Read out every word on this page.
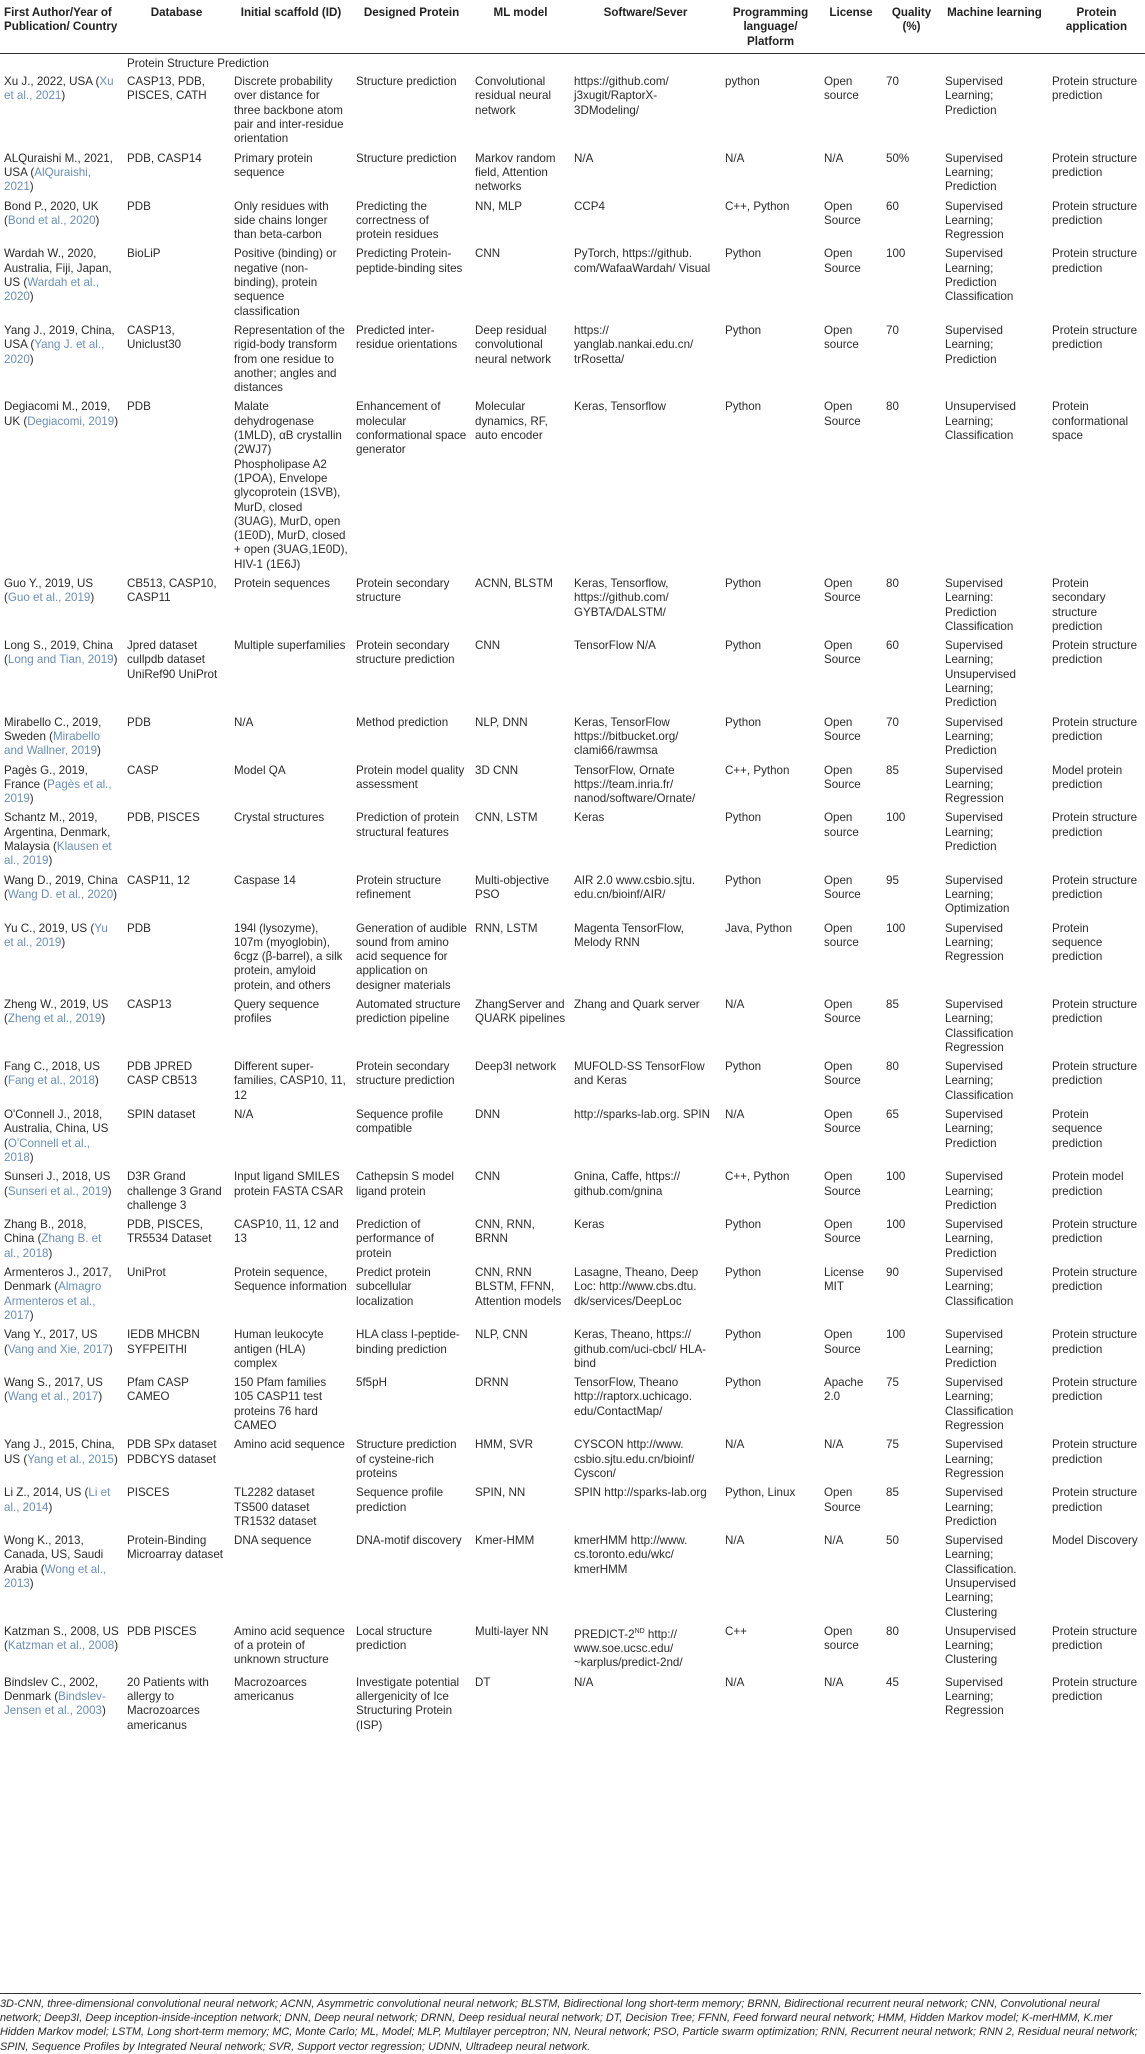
First Author/Year of Publication/ Country	Database	Initial scaffold (ID)	Designed Protein	ML model	Software/Sever	Programming language/ Platform	License	Quality (%)	Machine learning	Protein application
	Protein Structure Prediction									
Xu J., 2022, USA (Xu et al., 2021)	CASP13, PDB, PISCES, CATH	Discrete probability over distance for three backbone atom pair and inter-residue orientation	Structure prediction	Convolutional residual neural network	https://github.com/ j3xugit/RaptorX-3DModeling/	python	Open source	70	Supervised Learning; Prediction	Protein structure prediction
ALQuraishi M., 2021, USA (AlQuraishi, 2021)	PDB, CASP14	Primary protein sequence	Structure prediction	Markov random field, Attention networks	N/A	N/A	N/A	50%	Supervised Learning; Prediction	Protein structure prediction
Bond P., 2020, UK (Bond et al., 2020)	PDB	Only residues with side chains longer than beta-carbon	Predicting the correctness of protein residues	NN, MLP	CCP4	C++, Python	Open Source	60	Supervised Learning; Regression	Protein structure prediction
Wardah W., 2020, Australia, Fiji, Japan, US (Wardah et al., 2020)	BioLiP	Positive (binding) or negative (non-binding), protein sequence classification	Predicting Protein-peptide-binding sites	CNN	PyTorch, https://github. com/WafaaWardah/ Visual	Python	Open Source	100	Supervised Learning; Prediction Classification	Protein structure prediction
Yang J., 2019, China, USA (Yang J. et al., 2020)	CASP13, Uniclust30	Representation of the rigid-body transform from one residue to another; angles and distances	Predicted inter-residue orientations	Deep residual convolutional neural network	https:// yanglab.nankai.edu.cn/ trRosetta/	Python	Open source	70	Supervised Learning; Prediction	Protein structure prediction
Degiacomi M., 2019, UK (Degiacomi, 2019)	PDB	Malate dehydrogenase (1MLD), αB crystallin (2WJ7) Phospholipase A2 (1POA), Envelope glycoprotein (1SVB), MurD, closed (3UAG), MurD, open (1E0D), MurD, closed + open (3UAG,1E0D), HIV-1 (1E6J)	Enhancement of molecular conformational space generator	Molecular dynamics, RF, auto encoder	Keras, Tensorflow	Python	Open Source	80	Unsupervised Learning; Classification	Protein conformational space
Guo Y., 2019, US (Guo et al., 2019)	CB513, CASP10, CASP11	Protein sequences	Protein secondary structure	ACNN, BLSTM	Keras, Tensorflow, https://github.com/ GYBTA/DALSTM/	Python	Open Source	80	Supervised Learning: Prediction Classification	Protein secondary structure prediction
Long S., 2019, China (Long and Tian, 2019)	Jpred dataset cullpdb dataset UniRef90 UniProt	Multiple superfamilies	Protein secondary structure prediction	CNN	TensorFlow N/A	Python	Open Source	60	Supervised Learning; Unsupervised Learning; Prediction	Protein structure prediction
Mirabello C., 2019, Sweden (Mirabello and Wallner, 2019)	PDB	N/A	Method prediction	NLP, DNN	Keras, TensorFlow https://bitbucket.org/ clami66/rawmsa	Python	Open Source	70	Supervised Learning; Prediction	Protein structure prediction
Pagès G., 2019, France (Pagès et al., 2019)	CASP	Model QA	Protein model quality assessment	3D CNN	TensorFlow, Ornate https://team.inria.fr/ nanod/software/Ornate/	C++, Python	Open Source	85	Supervised Learning; Regression	Model protein prediction
Schantz M., 2019, Argentina, Denmark, Malaysia (Klausen et al., 2019)	PDB, PISCES	Crystal structures	Prediction of protein structural features	CNN, LSTM	Keras	Python	Open source	100	Supervised Learning; Prediction	Protein structure prediction
Wang D., 2019, China (Wang D. et al., 2020)	CASP11, 12	Caspase 14	Protein structure refinement	Multi-objective PSO	AIR 2.0 www.csbio.sjtu. edu.cn/bioinf/AIR/	Python	Open Source	95	Supervised Learning; Optimization	Protein structure prediction
Yu C., 2019, US (Yu et al., 2019)	PDB	194l (lysozyme), 107m (myoglobin), 6cgz (β-barrel), a silk protein, amyloid protein, and others	Generation of audible sound from amino acid sequence for application on designer materials	RNN, LSTM	Magenta TensorFlow, Melody RNN	Java, Python	Open source	100	Supervised Learning; Regression	Protein sequence prediction
Zheng W., 2019, US (Zheng et al., 2019)	CASP13	Query sequence profiles	Automated structure prediction pipeline	ZhangServer and QUARK pipelines	Zhang and Quark server	N/A	Open Source	85	Supervised Learning; Classification Regression	Protein structure prediction
Fang C., 2018, US (Fang et al., 2018)	PDB JPRED CASP CB513	Different super-families, CASP10, 11, 12	Protein secondary structure prediction	Deep3I network	MUFOLD-SS TensorFlow and Keras	Python	Open Source	80	Supervised Learning; Classification	Protein structure prediction
O'Connell J., 2018, Australia, China, US (O'Connell et al., 2018)	SPIN dataset	N/A	Sequence profile compatible	DNN	http://sparks-lab.org. SPIN	N/A	Open Source	65	Supervised Learning; Prediction	Protein sequence prediction
Sunseri J., 2018, US (Sunseri et al., 2019)	D3R Grand challenge 3 Grand challenge 3	Input ligand SMILES protein FASTA CSAR	Cathepsin S model ligand protein	CNN	Gnina, Caffe, https:// github.com/gnina	C++, Python	Open Source	100	Supervised Learning; Prediction	Protein model prediction
Zhang B., 2018, China (Zhang B. et al., 2018)	PDB, PISCES, TR5534 Dataset	CASP10, 11, 12 and 13	Prediction of performance of protein	CNN, RNN, BRNN	Keras	Python	Open Source	100	Supervised Learning, Prediction	Protein structure prediction
Armenteros J., 2017, Denmark (Almagro Armenteros et al., 2017)	UniProt	Protein sequence, Sequence information	Predict protein subcellular localization	CNN, RNN BLSTM, FFNN, Attention models	Lasagne, Theano, Deep Loc: http://www.cbs.dtu. dk/services/DeepLoc	Python	License MIT	90	Supervised Learning; Classification	Protein structure prediction
Vang Y., 2017, US (Vang and Xie, 2017)	IEDB MHCBN SYFPEITHI	Human leukocyte antigen (HLA) complex	HLA class I-peptide-binding prediction	NLP, CNN	Keras, Theano, https:// github.com/uci-cbcl/ HLA-bind	Python	Open Source	100	Supervised Learning; Prediction	Protein structure prediction
Wang S., 2017, US (Wang et al., 2017)	Pfam CASP CAMEO	150 Pfam families 105 CASP11 test proteins 76 hard CAMEO	5f5pH	DRNN	TensorFlow, Theano http://raptorx.uchicago. edu/ContactMap/	Python	Apache 2.0	75	Supervised Learning; Classification Regression	Protein structure prediction
Yang J., 2015, China, US (Yang et al., 2015)	PDB SPx dataset PDBCYS dataset	Amino acid sequence	Structure prediction of cysteine-rich proteins	HMM, SVR	CYSCON http://www. csbio.sjtu.edu.cn/bioinf/ Cyscon/	N/A	N/A	75	Supervised Learning; Regression	Protein structure prediction
Li Z., 2014, US (Li et al., 2014)	PISCES	TL2282 dataset TS500 dataset TR1532 dataset	Sequence profile prediction	SPIN, NN	SPIN http://sparks-lab.org	Python, Linux	Open Source	85	Supervised Learning; Prediction	Protein structure prediction
Wong K., 2013, Canada, US, Saudi Arabia (Wong et al., 2013)	Protein-Binding Microarray dataset	DNA sequence	DNA-motif discovery	Kmer-HMM	kmerHMM http://www. cs.toronto.edu/wkc/ kmerHMM	N/A	N/A	50	Supervised Learning; Classification. Unsupervised Learning; Clustering	Model Discovery
Katzman S., 2008, US (Katzman et al., 2008)	PDB PISCES	Amino acid sequence of a protein of unknown structure	Local structure prediction	Multi-layer NN	PREDICT-2ND http:// www.soe.ucsc.edu/ ~karplus/predict-2nd/	C++	Open source	80	Unsupervised Learning; Clustering	Protein structure prediction
Bindslev C., 2002, Denmark (Bindslev-Jensen et al., 2003)	20 Patients with allergy to Macrozoarces americanus	Macrozoarces americanus	Investigate potential allergenicity of Ice Structuring Protein (ISP)	DT	N/A	N/A	N/A	45	Supervised Learning; Regression	Protein structure prediction
3D-CNN, three-dimensional convolutional neural network; ACNN, Asymmetric convolutional neural network; BLSTM, Bidirectional long short-term memory; BRNN, Bidirectional recurrent neural network; CNN, Convolutional neural network; Deep3I, Deep inception-inside-inception network; DNN, Deep neural network; DRNN, Deep residual neural network; DT, Decision Tree; FFNN, Feed forward neural network; HMM, Hidden Markov model; K-merHMM, K.mer Hidden Markov model; LSTM, Long short-term memory; MC, Monte Carlo; ML, Model; MLP, Multilayer perceptron; NN, Neural network; PSO, Particle swarm optimization; RNN, Recurrent neural network; RNN 2, Residual neural network; SPIN, Sequence Profiles by Integrated Neural network; SVR, Support vector regression; UDNN, Ultradeep neural network.
